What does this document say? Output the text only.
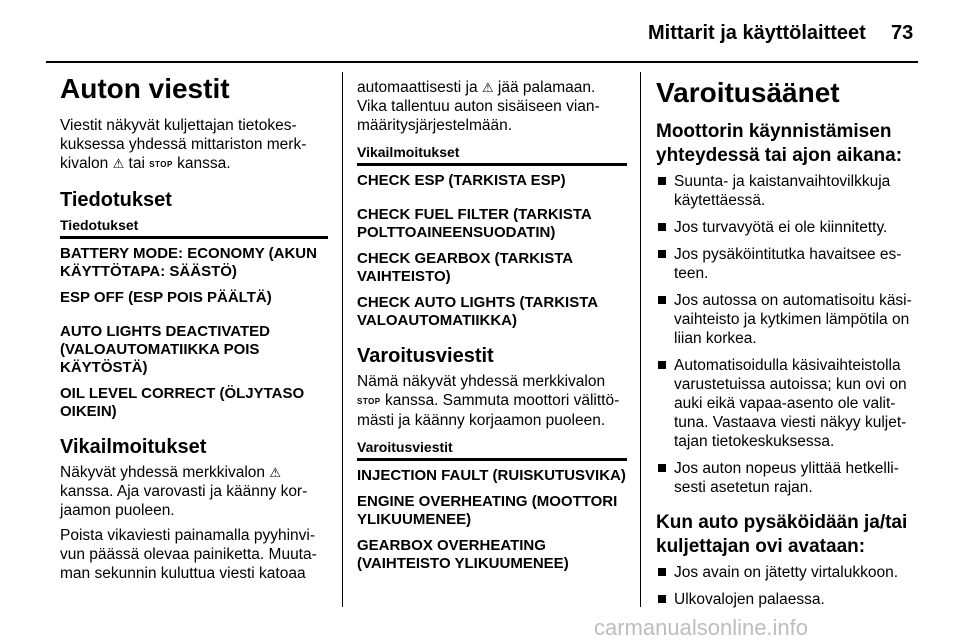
Mittarit ja käyttölaitteet 73
Auton viestit
Viestit näkyvät kuljettajan tietokes-kuksessa yhdessä mittariston merk-kivalon ⚠ tai STOP kanssa.
Tiedotukset
Tiedotukset
BATTERY MODE: ECONOMY (AKUN KÄYTTÖTAPA: SÄÄSTÖ)
ESP OFF (ESP POIS PÄÄLTÄ)
AUTO LIGHTS DEACTIVATED (VALOAUTOMATIIKKA POIS KÄYTÖSTÄ)
OIL LEVEL CORRECT (ÖLJYTASO OIKEIN)
Vikailmoitukset
Näkyvät yhdessä merkkivalon ⚠ kanssa. Aja varovasti ja käänny kor-jaamon puoleen.
Poista vikaviesti painamalla pyyhinvi-vun päässä olevaa painiketta. Muuta-man sekunnin kuluttua viesti katoaa
automaattisesti ja ⚠ jää palamaan. Vika tallentuu auton sisäiseen vian-määritysjärjestelmään.
Vikailmoitukset
CHECK ESP (TARKISTA ESP)
CHECK FUEL FILTER (TARKISTA POLTTOAINEENSUODATIN)
CHECK GEARBOX (TARKISTA VAIHTEISTO)
CHECK AUTO LIGHTS (TARKISTA VALOAUTOMATIIKKA)
Varoitusviestit
Nämä näkyvät yhdessä merkkivalon STOP kanssa. Sammuta moottori välittö-mästi ja käänny korjaamon puoleen.
Varoitusviestit
INJECTION FAULT (RUISKUTUSVIKA)
ENGINE OVERHEATING (MOOTTORI YLIKUUMENEE)
GEARBOX OVERHEATING (VAIHTEISTO YLIKUUMENEE)
Varoitusäänet
Moottorin käynnistämisen yhteydessä tai ajon aikana:
Suunta- ja kaistanvaihtovilkkuja käytettäessä.
Jos turvavyötä ei ole kiinnitetty.
Jos pysäköintitutka havaitsee es-teen.
Jos autossa on automatisoitu käsi-vaihteisto ja kytkimen lämpötila on liian korkea.
Automatisoidulla käsivaihteistolla varustetuissa autoissa; kun ovi on auki eikä vapaa-asento ole valit-tuna. Vastaava viesti näkyy kuljet-tajan tietokeskuksessa.
Jos auton nopeus ylittää hetkelli-sesti asetetun rajan.
Kun auto pysäköidään ja/tai kuljettajan ovi avataan:
Jos avain on jätetty virtalukkoon.
Ulkovalojen palaessa.
carmanualsonline.info
